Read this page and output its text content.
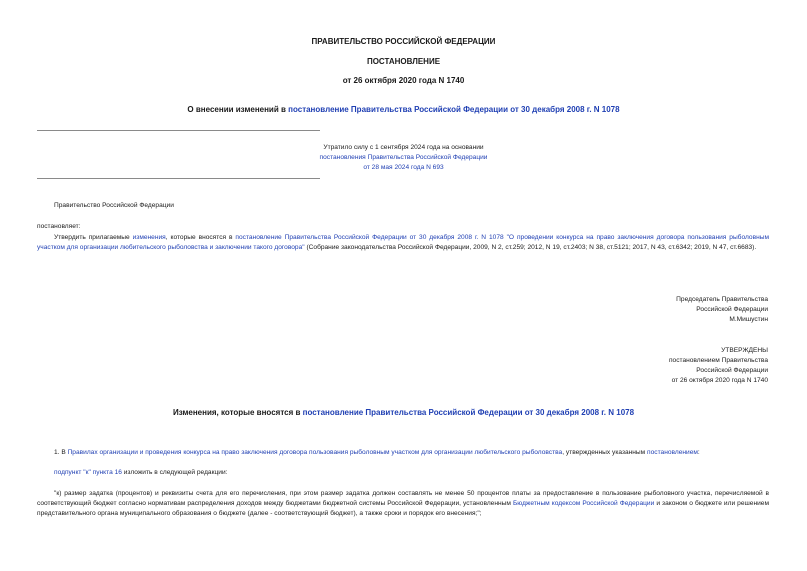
ПРАВИТЕЛЬСТВО РОССИЙСКОЙ ФЕДЕРАЦИИ
ПОСТАНОВЛЕНИЕ
от 26 октября 2020 года N 1740
О внесении изменений в постановление Правительства Российской Федерации от 30 декабря 2008 г. N 1078
Утратило силу с 1 сентября 2024 года на основании
постановления Правительства Российской Федерации
от 28 мая 2024 года N 693
Правительство Российской Федерации
постановляет:
Утвердить прилагаемые изменения, которые вносятся в постановление Правительства Российской Федерации от 30 декабря 2008 г. N 1078 "О проведении конкурса на право заключения договора пользования рыболовным участком для организации любительского рыболовства и заключении такого договора" (Собрание законодательства Российской Федерации, 2009, N 2, ст.259; 2012, N 19, ст.2403; N 38, ст.5121; 2017, N 43, ст.6342; 2019, N 47, ст.6683).
Председатель Правительства
Российской Федерации
М.Мишустин
УТВЕРЖДЕНЫ
постановлением Правительства
Российской Федерации
от 26 октября 2020 года N 1740
Изменения, которые вносятся в постановление Правительства Российской Федерации от 30 декабря 2008 г. N 1078
1. В Правилах организации и проведения конкурса на право заключения договора пользования рыболовным участком для организации любительского рыболовства, утвержденных указанным постановлением:
подпункт "к" пункта 16 изложить в следующей редакции:
"к) размер задатка (процентов) и реквизиты счета для его перечисления, при этом размер задатка должен составлять не менее 50 процентов платы за предоставление в пользование рыболовного участка, перечисляемой в соответствующий бюджет согласно нормативам распределения доходов между бюджетами бюджетной системы Российской Федерации, установленным Бюджетным кодексом Российской Федерации и законом о бюджете или решением представительного органа муниципального образования о бюджете (далее - соответствующий бюджет), а также сроки и порядок его внесения;";
